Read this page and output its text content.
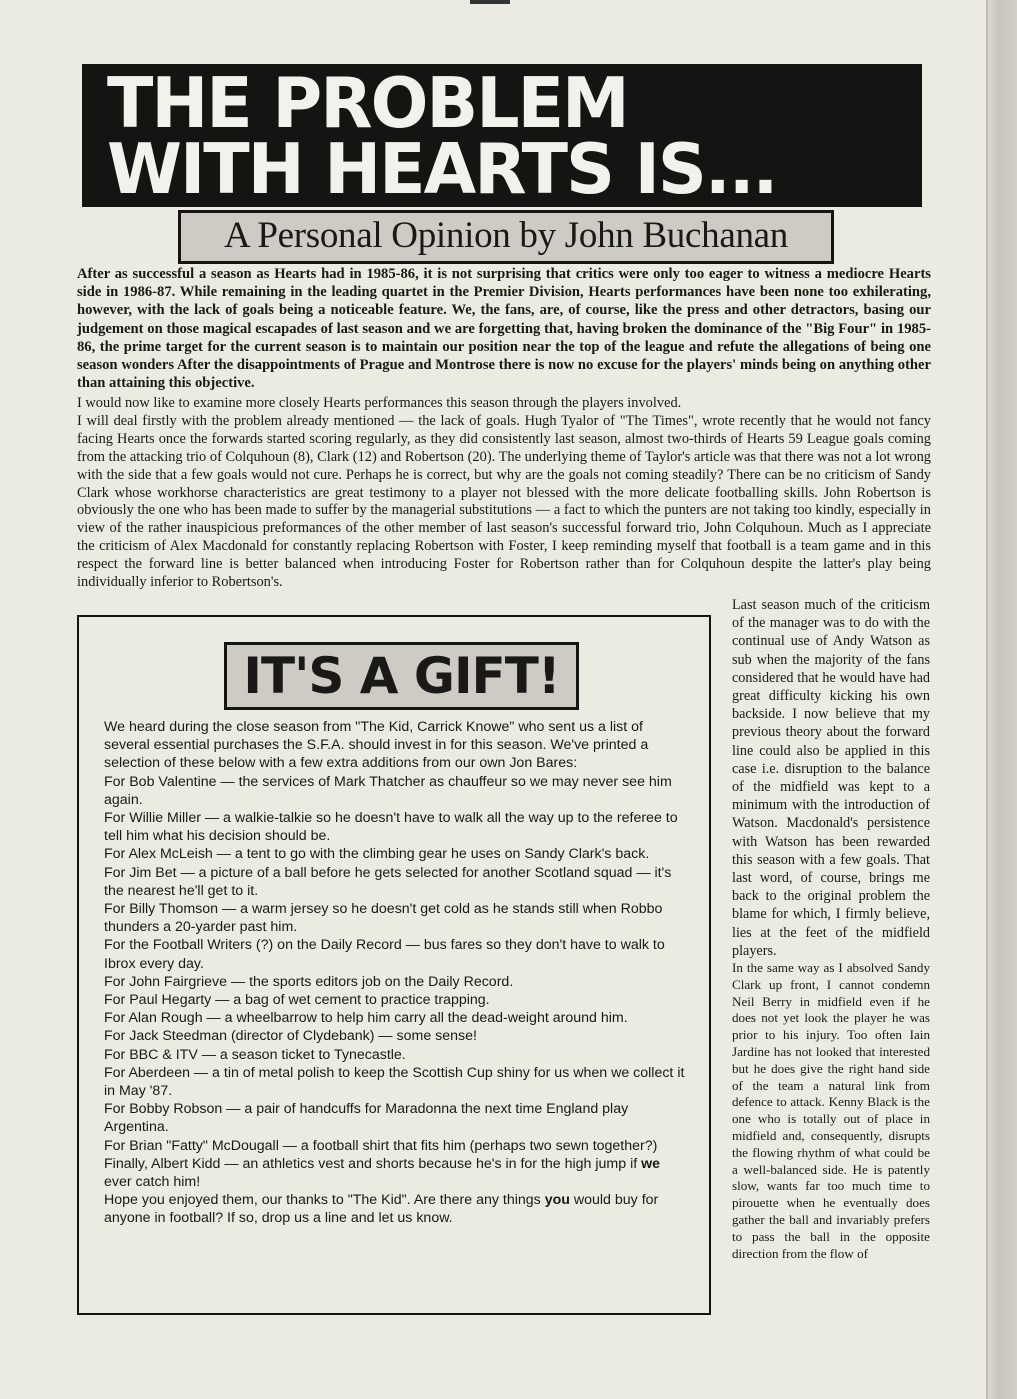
THE PROBLEM
WITH HEARTS IS...
A Personal Opinion by John Buchanan

After as successful a season as Hearts had in 1985-86, it is not surprising that critics were only too eager to witness a mediocre Hearts side in 1986-87. While remaining in the leading quartet in the Premier Division, Hearts performances have been none too exhilerating, however, with the lack of goals being a noticeable feature. We, the fans, are, of course, like the press and other detractors, basing our judgement on those magical escapades of last season and we are forgetting that, having broken the dominance of the "Big Four" in 1985-86, the prime target for the current season is to maintain our position near the top of the league and refute the allegations of being one season wonders After the disappointments of Prague and Montrose there is now no excuse for the players' minds being on anything other than attaining this objective.

I would now like to examine more closely Hearts performances this season through the players involved.

I will deal firstly with the problem already mentioned — the lack of goals. Hugh Tyalor of "The Times", wrote recently that he would not fancy facing Hearts once the forwards started scoring regularly, as they did consistently last season, almost two-thirds of Hearts 59 League goals coming from the attacking trio of Colquhoun (8), Clark (12) and Robertson (20). The underlying theme of Taylor's article was that there was not a lot wrong with the side that a few goals would not cure. Perhaps he is correct, but why are the goals not coming steadily? There can be no criticism of Sandy Clark whose workhorse characteristics are great testimony to a player not blessed with the more delicate footballing skills. John Robertson is obviously the one who has been made to suffer by the managerial substitutions — a fact to which the punters are not taking too kindly, especially in view of the rather inauspicious preformances of the other member of last season's successful forward trio, John Colquhoun. Much as I appreciate the criticism of Alex Macdonald for constantly replacing Robertson with Foster, I keep reminding myself that football is a team game and in this respect the forward line is better balanced when introducing Foster for Robertson rather than for Colquhoun despite the latter's play being individually inferior to Robertson's.

Last season much of the criticism of the manager was to do with the continual use of Andy Watson as sub when the majority of the fans considered that he would have had great difficulty kicking his own backside. I now believe that my previous theory about the forward line could also be applied in this case i.e. disruption to the balance of the midfield was kept to a minimum with the introduction of Watson. Macdonald's persistence with Watson has been rewarded this season with a few goals. That last word, of course, brings me back to the original problem the blame for which, I firmly believe, lies at the feet of the midfield players.

In the same way as I absolved Sandy Clark up front, I cannot condemn Neil Berry in midfield even if he does not yet look the player he was prior to his injury. Too often Iain Jardine has not looked that interested but he does give the right hand side of the team a natural link from defence to attack. Kenny Black is the one who is totally out of place in midfield and, consequently, disrupts the flowing rhythm of what could be a well-balanced side. He is patently slow, wants far too much time to pirouette when he eventually does gather the ball and invariably prefers to pass the ball in the opposite direction from the flow of

IT'S A GIFT!

We heard during the close season from "The Kid, Carrick Knowe" who sent us a list of several essential purchases the S.F.A. should invest in for this season. We've printed a selection of these below with a few extra additions from our own Jon Bares:

For Bob Valentine — the services of Mark Thatcher as chauffeur so we may never see him again.

For Willie Miller — a walkie-talkie so he doesn't have to walk all the way up to the referee to tell him what his decision should be.

For Alex McLeish — a tent to go with the climbing gear he uses on Sandy Clark's back.

For Jim Bet — a picture of a ball before he gets selected for another Scotland squad — it's the nearest he'll get to it.

For Billy Thomson — a warm jersey so he doesn't get cold as he stands still when Robbo thunders a 20-yarder past him.

For the Football Writers (?) on the Daily Record — bus fares so they don't have to walk to Ibrox every day.

For John Fairgrieve — the sports editors job on the Daily Record.

For Paul Hegarty — a bag of wet cement to practice trapping.

For Alan Rough — a wheelbarrow to help him carry all the dead-weight around him.

For Jack Steedman (director of Clydebank) — some sense!

For BBC & ITV — a season ticket to Tynecastle.

For Aberdeen — a tin of metal polish to keep the Scottish Cup shiny for us when we collect it in May '87.

For Bobby Robson — a pair of handcuffs for Maradonna the next time England play Argentina.

For Brian "Fatty" McDougall — a football shirt that fits him (perhaps two sewn together?)

Finally, Albert Kidd — an athletics vest and shorts because he's in for the high jump if we ever catch him!

Hope you enjoyed them, our thanks to "The Kid". Are there any things you would buy for anyone in football? If so, drop us a line and let us know.
